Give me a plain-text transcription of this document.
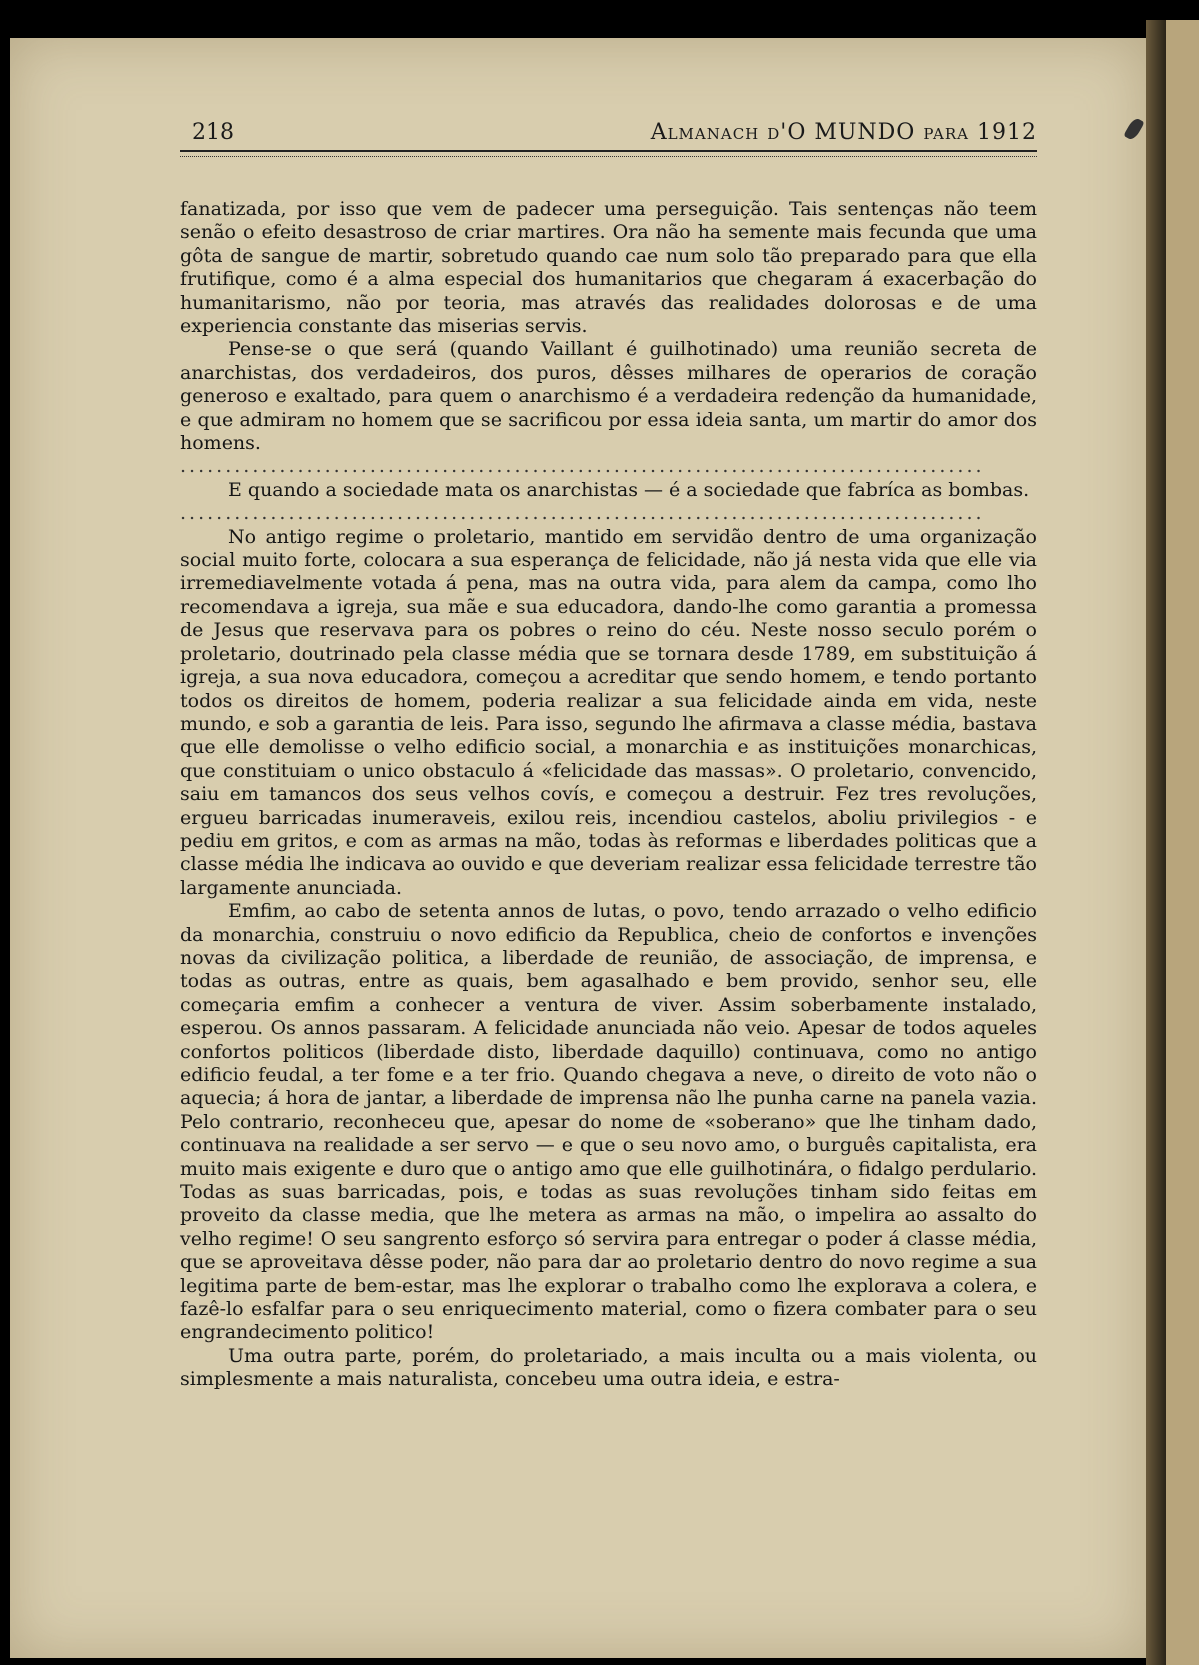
218	Almanach d'O MUNDO para 1912

fanatizada, por isso que vem de padecer uma perseguição. Tais sentenças não teem senão o efeito desastroso de criar martires. Ora não ha semente mais fecunda que uma gôta de sangue de martir, sobretudo quando cae num solo tão preparado para que ella frutifique, como é a alma especial dos humanitarios que chegaram á exacerbação do humanitarismo, não por teoria, mas através das realidades dolorosas e de uma experiencia constante das miserias servis.

Pense-se o que será (quando Vaillant é guilhotinado) uma reunião secreta de anarchistas, dos verdadeiros, dos puros, dêsses milhares de operarios de coração generoso e exaltado, para quem o anarchismo é a verdadeira redenção da humanidade, e que admiram no homem que se sacrificou por essa ideia santa, um martir do amor dos homens.

.........................................................................................

E quando a sociedade mata os anarchistas — é a sociedade que fabríca as bombas.

.........................................................................................

No antigo regime o proletario, mantido em servidão dentro de uma organização social muito forte, colocara a sua esperança de felicidade, não já nesta vida que elle via irremediavelmente votada á pena, mas na outra vida, para alem da campa, como lho recomendava a igreja, sua mãe e sua educadora, dando-lhe como garantia a promessa de Jesus que reservava para os pobres o reino do céu. Neste nosso seculo porém o proletario, doutrinado pela classe média que se tornara desde 1789, em substituição á igreja, a sua nova educadora, começou a acreditar que sendo homem, e tendo portanto todos os direitos de homem, poderia realizar a sua felicidade ainda em vida, neste mundo, e sob a garantia de leis. Para isso, segundo lhe afirmava a classe média, bastava que elle demolisse o velho edificio social, a monarchia e as instituições monarchicas, que constituiam o unico obstaculo á «felicidade das massas». O proletario, convencido, saiu em tamancos dos seus velhos covís, e começou a destruir. Fez tres revoluções, ergueu barricadas inumeraveis, exilou reis, incendiou castelos, aboliu privilegios - e pediu em gritos, e com as armas na mão, todas às reformas e liberdades politicas que a classe média lhe indicava ao ouvido e que deveriam realizar essa felicidade terrestre tão largamente anunciada.

Emfim, ao cabo de setenta annos de lutas, o povo, tendo arrazado o velho edificio da monarchia, construiu o novo edificio da Republica, cheio de confortos e invenções novas da civilização politica, a liberdade de reunião, de associação, de imprensa, e todas as outras, entre as quais, bem agasalhado e bem provido, senhor seu, elle começaria emfim a conhecer a ventura de viver. Assim soberbamente instalado, esperou. Os annos passaram. A felicidade anunciada não veio. Apesar de todos aqueles confortos politicos (liberdade disto, liberdade daquillo) continuava, como no antigo edificio feudal, a ter fome e a ter frio. Quando chegava a neve, o direito de voto não o aquecia; á hora de jantar, a liberdade de imprensa não lhe punha carne na panela vazia. Pelo contrario, reconheceu que, apesar do nome de «soberano» que lhe tinham dado, continuava na realidade a ser servo — e que o seu novo amo, o burguês capitalista, era muito mais exigente e duro que o antigo amo que elle guilhotinára, o fidalgo perdulario. Todas as suas barricadas, pois, e todas as suas revoluções tinham sido feitas em proveito da classe media, que lhe metera as armas na mão, o impelira ao assalto do velho regime! O seu sangrento esforço só servira para entregar o poder á classe média, que se aproveitava dêsse poder, não para dar ao proletario dentro do novo regime a sua legitima parte de bem-estar, mas lhe explorar o trabalho como lhe explorava a colera, e fazê-lo esfalfar para o seu enriquecimento material, como o fizera combater para o seu engrandecimento politico!

Uma outra parte, porém, do proletariado, a mais inculta ou a mais violenta, ou simplesmente a mais naturalista, concebeu uma outra ideia, e estra-
